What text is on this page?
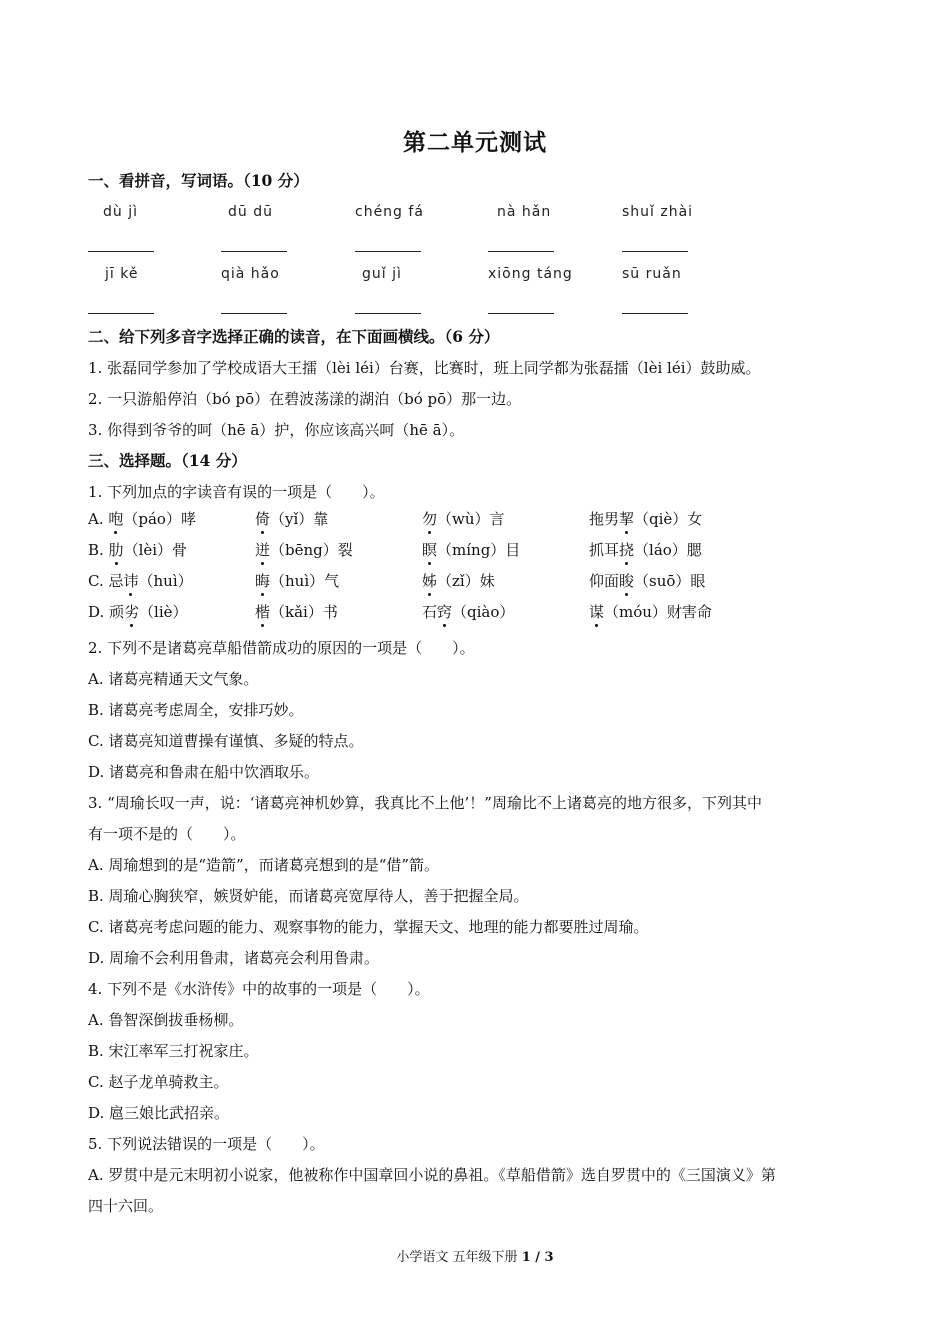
第二单元测试
一、看拼音，写词语。（10 分）
dù jì	dū dū	chéng fá	nà hǎn	shuǐ zhài
jī kě	qià hǎo	guǐ jì	xiōng táng	sū ruǎn
二、给下列多音字选择正确的读音，在下面画横线。（6 分）
1. 张磊同学参加了学校成语大王擂（lèi léi）台赛，比赛时，班上同学都为张磊擂（lèi léi）鼓助威。
2. 一只游船停泊（bó pō）在碧波荡漾的湖泊（bó pō）那一边。
3. 你得到爷爷的呵（hē ā）护，你应该高兴呵（hē ā）。
三、选择题。（14 分）
1. 下列加点的字读音有误的一项是（　　）。
A. 咆（páo）哮	倚（yǐ）靠	勿（wù）言	拖男挈（qiè）女
B. 肋（lèi）骨	迸（bēng）裂	瞑（míng）目	抓耳挠（láo）腮
C. 忌讳（huì）	晦（huì）气	姊（zǐ）妹	仰面睃（suō）眼
D. 顽劣（liè）	楷（kǎi）书	石窍（qiào）	谋（móu）财害命
2. 下列不是诸葛亮草船借箭成功的原因的一项是（　　）。
A. 诸葛亮精通天文气象。
B. 诸葛亮考虑周全，安排巧妙。
C. 诸葛亮知道曹操有谨慎、多疑的特点。
D. 诸葛亮和鲁肃在船中饮酒取乐。
3. “周瑜长叹一声，说：‘诸葛亮神机妙算，我真比不上他’！”周瑜比不上诸葛亮的地方很多，下列其中
有一项不是的（　　）。
A. 周瑜想到的是“造箭”，而诸葛亮想到的是“借”箭。
B. 周瑜心胸狭窄，嫉贤妒能，而诸葛亮宽厚待人，善于把握全局。
C. 诸葛亮考虑问题的能力、观察事物的能力，掌握天文、地理的能力都要胜过周瑜。
D. 周瑜不会利用鲁肃，诸葛亮会利用鲁肃。
4. 下列不是《水浒传》中的故事的一项是（　　）。
A. 鲁智深倒拔垂杨柳。
B. 宋江率军三打祝家庄。
C. 赵子龙单骑救主。
D. 扈三娘比武招亲。
5. 下列说法错误的一项是（　　）。
A. 罗贯中是元末明初小说家，他被称作中国章回小说的鼻祖。《草船借箭》选自罗贯中的《三国演义》第
四十六回。
小学语文 五年级下册 1 / 3
